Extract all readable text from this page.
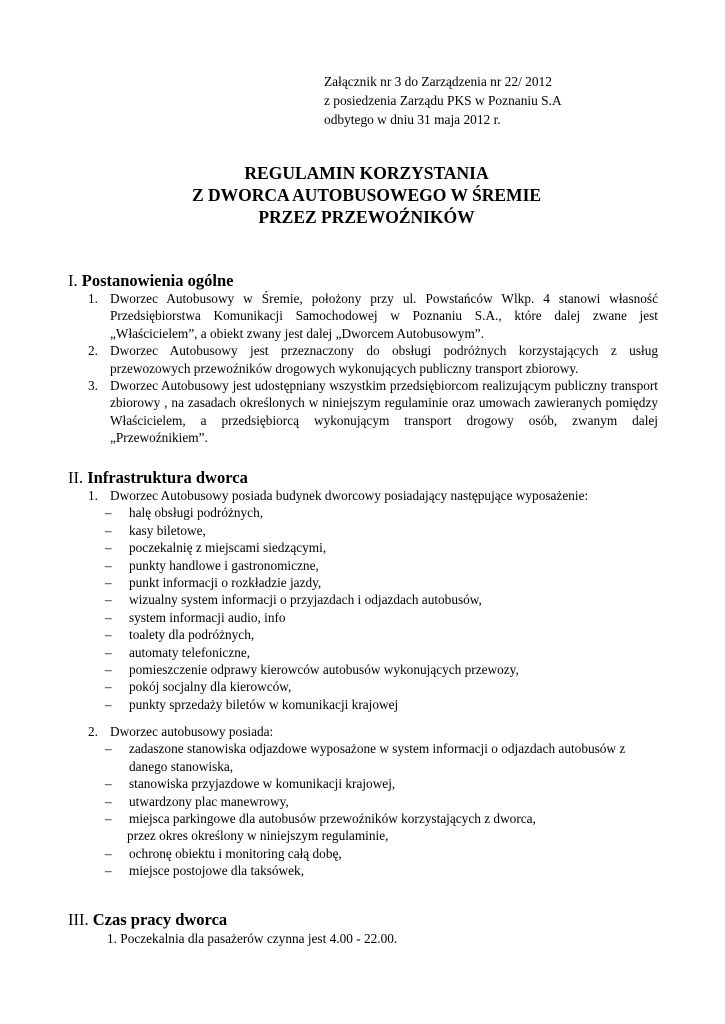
Załącznik nr 3 do Zarządzenia nr 22/ 2012
z posiedzenia Zarządu PKS w Poznaniu S.A
odbytego w dniu 31 maja 2012 r.
REGULAMIN KORZYSTANIA
Z DWORCA AUTOBUSOWEGO W ŚREMIE
PRZEZ PRZEWOŹNIKÓW
I. Postanowienia ogólne
1. Dworzec Autobusowy w Śremie, położony przy ul. Powstańców Wlkp. 4 stanowi własność Przedsiębiorstwa Komunikacji Samochodowej w Poznaniu S.A., które dalej zwane jest „Właścicielem”, a obiekt zwany jest dalej „Dworcem Autobusowym”.
2. Dworzec Autobusowy jest przeznaczony do obsługi podróżnych korzystających z usług przewozowych przewoźników drogowych wykonujących publiczny transport zbiorowy.
3. Dworzec Autobusowy jest udostępniany wszystkim przedsiębiorcom realizującym publiczny transport zbiorowy , na zasadach określonych w niniejszym regulaminie oraz umowach zawieranych pomiędzy Właścicielem, a przedsiębiorcą wykonującym transport drogowy osób, zwanym dalej „Przewoźnikiem”.
II. Infrastruktura dworca
1. Dworzec Autobusowy posiada budynek dworcowy posiadający następujące wyposażenie:
– halę obsługi podróżnych,
– kasy biletowe,
– poczekalnię z miejscami siedzącymi,
– punkty handlowe i gastronomiczne,
– punkt informacji o rozkładzie jazdy,
– wizualny system informacji o przyjazdach i odjazdach autobusów,
– system informacji audio, info
– toalety dla podróżnych,
– automaty telefoniczne,
– pomieszczenie odprawy kierowców autobusów wykonujących przewozy,
– pokój socjalny dla kierowców,
– punkty sprzedaży biletów w komunikacji krajowej
2. Dworzec autobusowy posiada:
– zadaszone stanowiska odjazdowe wyposażone w system informacji o odjazdach autobusów z
danego stanowiska,
– stanowiska przyjazdowe w komunikacji krajowej,
– utwardzony plac manewrowy,
– miejsca parkingowe dla autobusów przewoźników korzystających z dworca,
przez okres określony w niniejszym regulaminie,
– ochronę obiektu i monitoring całą dobę,
– miejsce postojowe dla taksówek,
III. Czas pracy dworca
1. Poczekalnia dla pasażerów czynna jest 4.00 - 22.00.
